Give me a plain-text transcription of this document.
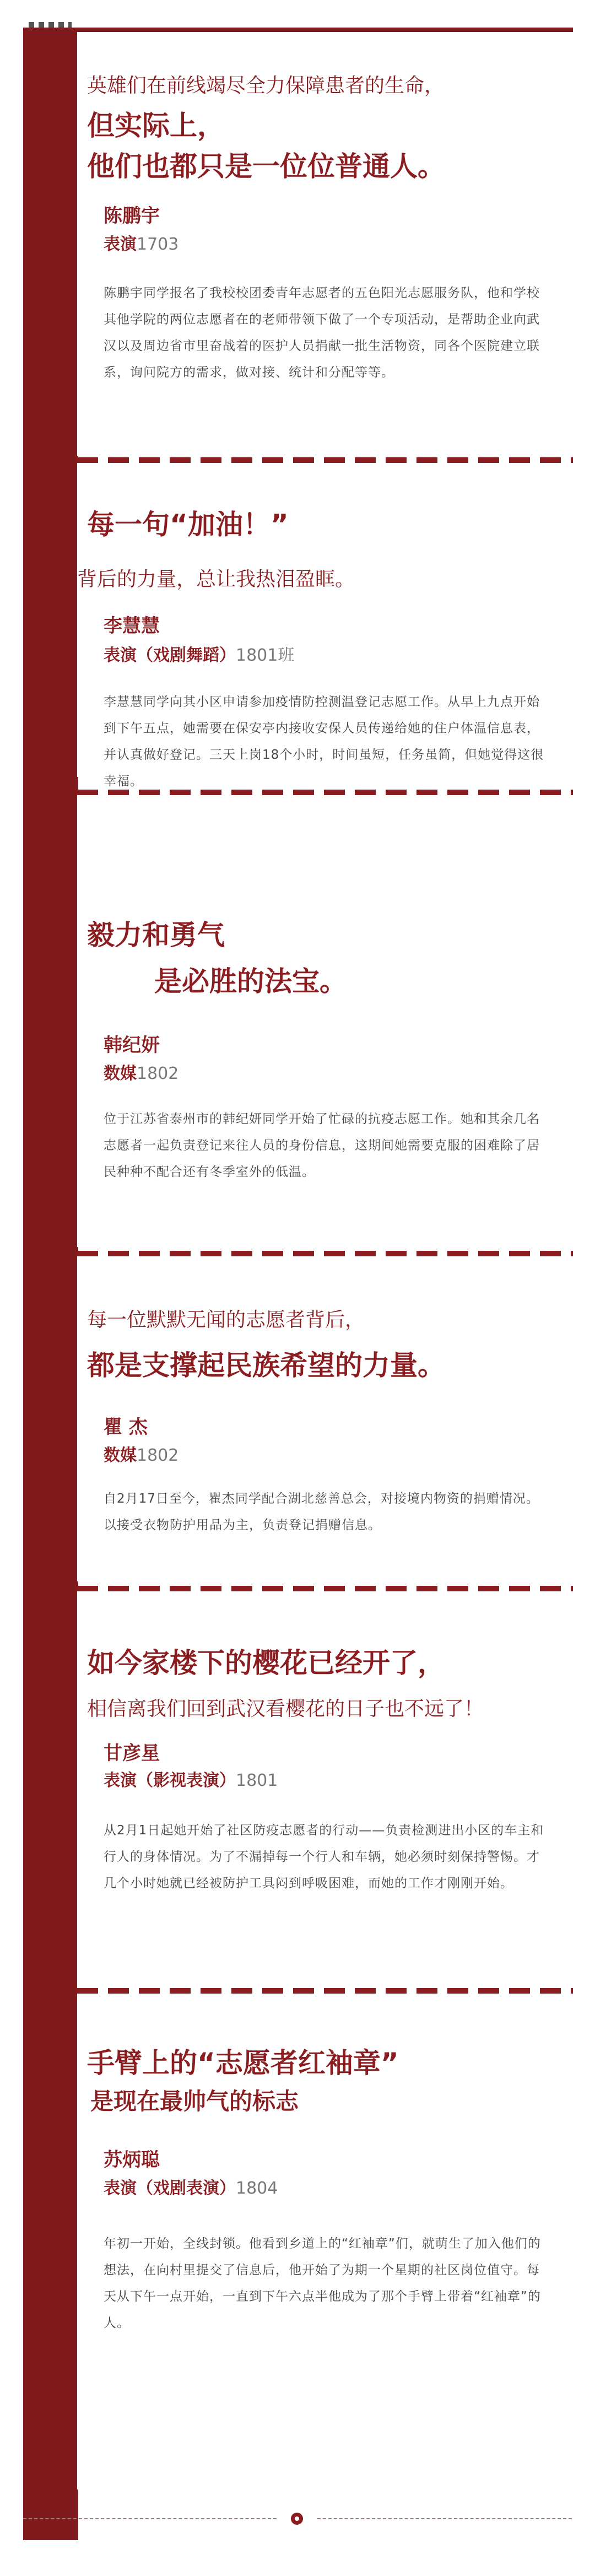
英雄们在前线竭尽全力保障患者的生命，
但实际上，
他们也都只是一位位普通人。
陈鹏宇
表演1703
陈鹏宇同学报名了我校校团委青年志愿者的五色阳光志愿服务队，他和学校其他学院的两位志愿者在的老师带领下做了一个专项活动，是帮助企业向武汉以及周边省市里奋战着的医护人员捐献一批生活物资，同各个医院建立联系，询问院方的需求，做对接、统计和分配等等。
每一句“加油！”
背后的力量，总让我热泪盈眶。
李慧慧
表演（戏剧舞蹈）1801班
李慧慧同学向其小区申请参加疫情防控测温登记志愿工作。从早上九点开始到下午五点，她需要在保安亭内接收安保人员传递给她的住户体温信息表，并认真做好登记。三天上岗18个小时，时间虽短，任务虽简，但她觉得这很幸福。
毅力和勇气
是必胜的法宝。
韩纪妍
数媒1802
位于江苏省泰州市的韩纪妍同学开始了忙碌的抗疫志愿工作。她和其余几名志愿者一起负责登记来往人员的身份信息，这期间她需要克服的困难除了居民种种不配合还有冬季室外的低温。
每一位默默无闻的志愿者背后，
都是支撑起民族希望的力量。
瞿 杰
数媒1802
自2月17日至今，瞿杰同学配合湖北慈善总会，对接境内物资的捐赠情况。以接受衣物防护用品为主，负责登记捐赠信息。
如今家楼下的樱花已经开了，
相信离我们回到武汉看樱花的日子也不远了！
甘彦星
表演（影视表演）1801
从2月1日起她开始了社区防疫志愿者的行动——负责检测进出小区的车主和行人的身体情况。为了不漏掉每一个行人和车辆，她必须时刻保持警惕。才几个小时她就已经被防护工具闷到呼吸困难，而她的工作才刚刚开始。
手臂上的“志愿者红袖章”
是现在最帅气的标志
苏炳聪
表演（戏剧表演）1804
年初一开始，全线封锁。他看到乡道上的“红袖章”们，就萌生了加入他们的想法，在向村里提交了信息后，他开始了为期一个星期的社区岗位值守。每天从下午一点开始，一直到下午六点半他成为了那个手臂上带着“红袖章”的人。
